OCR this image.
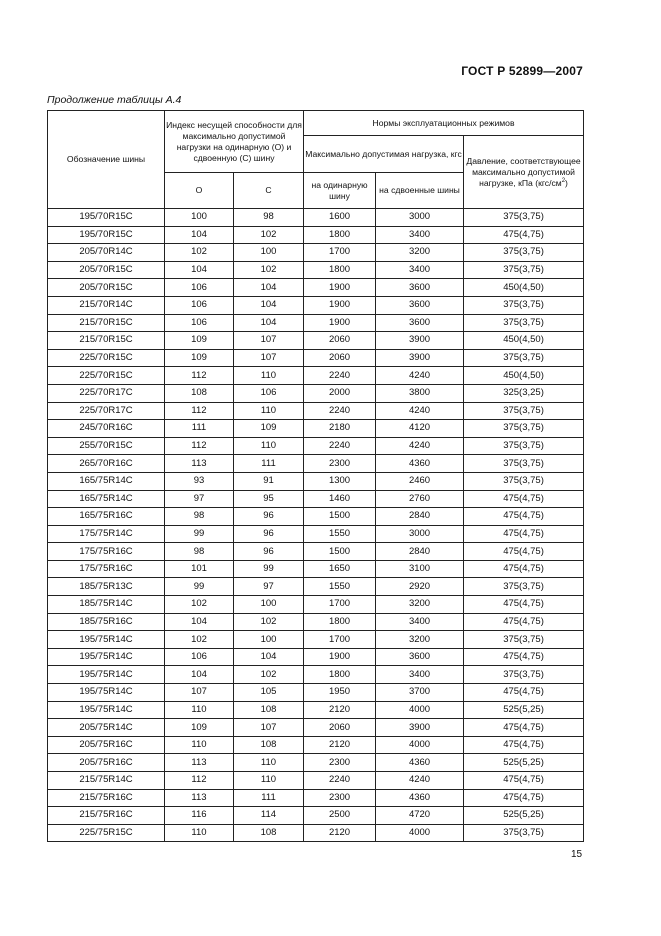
ГОСТ Р 52899—2007
Продолжение таблицы А.4
Обозначение шины	Индекс несущей способности для максимально допустимой нагрузки на одинарную (О) и сдвоенную (С) шину		Нормы эксплуатационных режимов		
			Максимально допустимая нагрузка, кгс		Давление, соответствующее максимально допустимой нагрузке, кПа $(кгс/см^2)$
	О	С	на одинарную шину	на сдвоенные шины	
195/70R15C	100	98	1600	3000	375(3,75)
195/70R15C	104	102	1800	3400	475(4,75)
205/70R14C	102	100	1700	3200	375(3,75)
205/70R15C	104	102	1800	3400	375(3,75)
205/70R15C	106	104	1900	3600	450(4,50)
215/70R14C	106	104	1900	3600	375(3,75)
215/70R15C	106	104	1900	3600	375(3,75)
215/70R15C	109	107	2060	3900	450(4,50)
225/70R15C	109	107	2060	3900	375(3,75)
225/70R15C	112	110	2240	4240	450(4,50)
225/70R17C	108	106	2000	3800	325(3,25)
225/70R17C	112	110	2240	4240	375(3,75)
245/70R16C	111	109	2180	4120	375(3,75)
255/70R15C	112	110	2240	4240	375(3,75)
265/70R16C	113	111	2300	4360	375(3,75)
165/75R14C	93	91	1300	2460	375(3,75)
165/75R14C	97	95	1460	2760	475(4,75)
165/75R16C	98	96	1500	2840	475(4,75)
175/75R14C	99	96	1550	3000	475(4,75)
175/75R16C	98	96	1500	2840	475(4,75)
175/75R16C	101	99	1650	3100	475(4,75)
185/75R13C	99	97	1550	2920	375(3,75)
185/75R14C	102	100	1700	3200	475(4,75)
185/75R16C	104	102	1800	3400	475(4,75)
195/75R14C	102	100	1700	3200	375(3,75)
195/75R14C	106	104	1900	3600	475(4,75)
195/75R14C	104	102	1800	3400	375(3,75)
195/75R14C	107	105	1950	3700	475(4,75)
195/75R14C	110	108	2120	4000	525(5,25)
205/75R14C	109	107	2060	3900	475(4,75)
205/75R16C	110	108	2120	4000	475(4,75)
205/75R16C	113	110	2300	4360	525(5,25)
215/75R14C	112	110	2240	4240	475(4,75)
215/75R16C	113	111	2300	4360	475(4,75)
215/75R16C	116	114	2500	4720	525(5,25)
225/75R15C	110	108	2120	4000	375(3,75)
15
